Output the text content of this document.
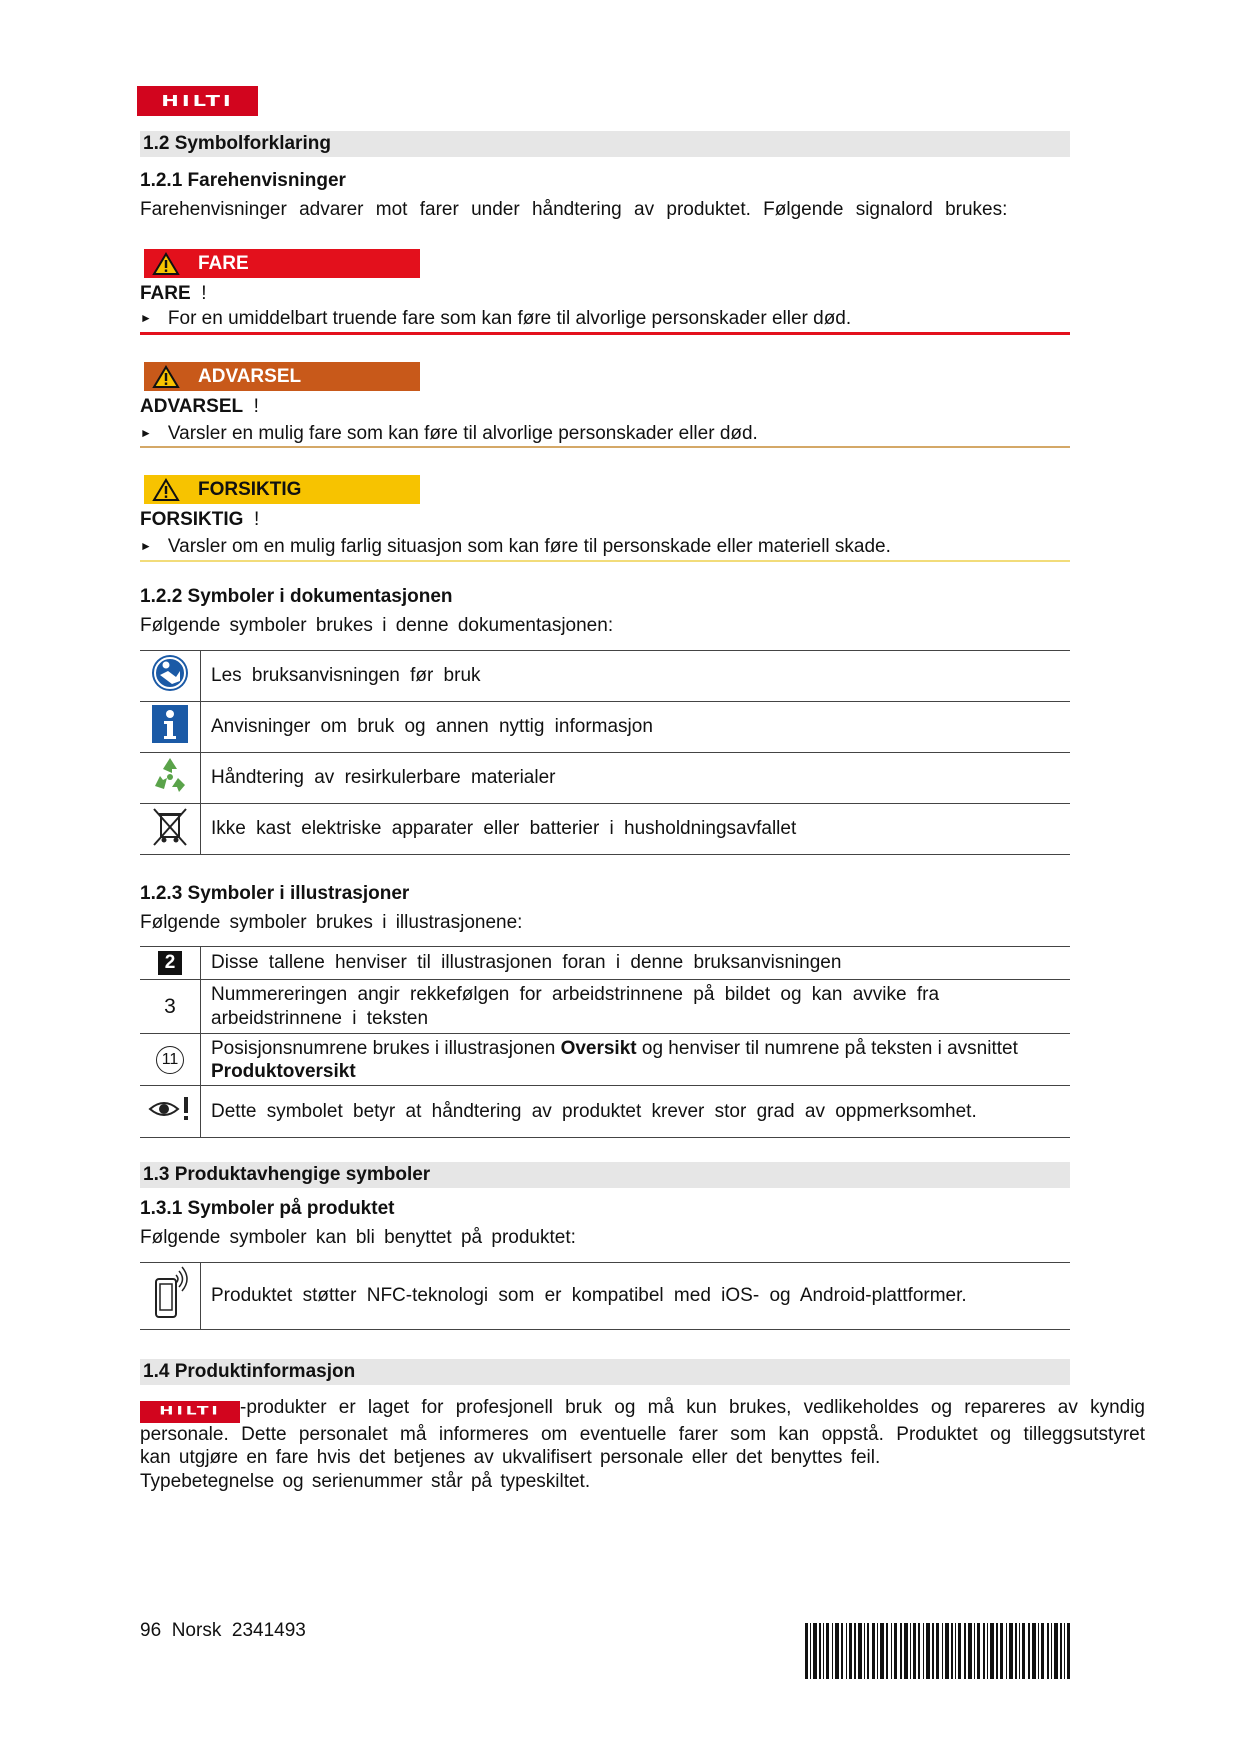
HILTI
1.2 Symbolforklaring
1.2.1 Farehenvisninger
Farehenvisninger advarer mot farer under håndtering av produktet. Følgende signalord brukes:
FARE
FARE !
► For en umiddelbart truende fare som kan føre til alvorlige personskader eller død.
ADVARSEL
ADVARSEL !
► Varsler en mulig fare som kan føre til alvorlige personskader eller død.
FORSIKTIG
FORSIKTIG !
► Varsler om en mulig farlig situasjon som kan føre til personskade eller materiell skade.
1.2.2 Symboler i dokumentasjonen
Følgende symboler brukes i denne dokumentasjonen:
	Les bruksanvisningen før bruk
	Anvisninger om bruk og annen nyttig informasjon
	Håndtering av resirkulerbare materialer
	Ikke kast elektriske apparater eller batterier i husholdningsavfallet
1.2.3 Symboler i illustrasjoner
Følgende symboler brukes i illustrasjonene:
2	Disse tallene henviser til illustrasjonen foran i denne bruksanvisningen
3	Nummereringen angir rekkefølgen for arbeidstrinnene på bildet og kan avvike fra arbeidstrinnene i teksten
11	Posisjonsnumrene brukes i illustrasjonen Oversikt og henviser til numrene på teksten i avsnittet Produktoversikt
	Dette symbolet betyr at håndtering av produktet krever stor grad av oppmerksomhet.
1.3 Produktavhengige symboler
1.3.1 Symboler på produktet
Følgende symboler kan bli benyttet på produktet:
	Produktet støtter NFC-teknologi som er kompatibel med iOS- og Android-plattformer.
1.4 Produktinformasjon
HILTI -produkter er laget for profesjonell bruk og må kun brukes, vedlikeholdes og repareres av kyndig
personale. Dette personalet må informeres om eventuelle farer som kan oppstå. Produktet og tilleggsutstyret
kan utgjøre en fare hvis det betjenes av ukvalifisert personale eller det benyttes feil.
Typebetegnelse og serienummer står på typeskiltet.
96 Norsk 2341493
